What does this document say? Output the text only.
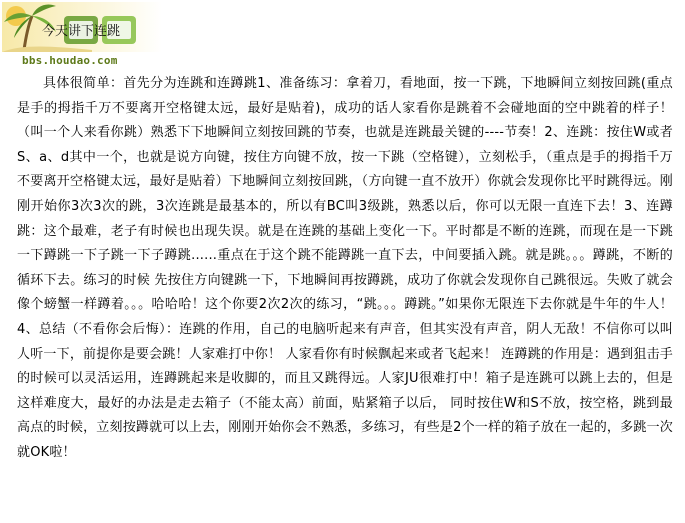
今天讲下连跳
bbs.houdao.com

具体很简单：首先分为连跳和连蹲跳1、准备练习：拿着刀，看地面，按一下跳，下地瞬间立刻按回跳(重点是手的拇指千万不要离开空格键太远，最好是贴着)，成功的话人家看你是跳着不会碰地面的空中跳着的样子！（叫一个人来看你跳）熟悉下下地瞬间立刻按回跳的节奏，也就是连跳最关键的----节奏！2、连跳：按住W或者S、a、d其中一个，也就是说方向键，按住方向键不放，按一下跳（空格键），立刻松手，（重点是手的拇指千万不要离开空格键太远，最好是贴着）下地瞬间立刻按回跳，（方向键一直不放开）你就会发现你比平时跳得远。刚刚开始你3次3次的跳，3次连跳是最基本的，所以有BC叫3级跳，熟悉以后，你可以无限一直连下去！3、连蹲跳：这个最难，老子有时候也出现失误。就是在连跳的基础上变化一下。平时都是不断的连跳，而现在是一下跳一下蹲跳一下子跳一下子蹲跳......重点在于这个跳不能蹲跳一直下去，中间要插入跳。就是跳。。。蹲跳，不断的循环下去。练习的时候 先按住方向键跳一下，下地瞬间再按蹲跳，成功了你就会发现你自己跳很远。失败了就会像个螃蟹一样蹲着。。。哈哈哈！这个你要2次2次的练习，“跳。。。蹲跳。”如果你无限连下去你就是牛年的牛人！4、总结（不看你会后悔）：连跳的作用，自己的电脑听起来有声音，但其实没有声音，阴人无敌！不信你可以叫人听一下，前提你是要会跳！人家难打中你！ 人家看你有时候飘起来或者飞起来！ 连蹲跳的作用是：遇到狙击手的时候可以灵活运用，连蹲跳起来是收脚的，而且又跳得远。人家JU很难打中！箱子是连跳可以跳上去的，但是这样难度大，最好的办法是走去箱子（不能太高）前面，贴紧箱子以后， 同时按住W和S不放，按空格，跳到最高点的时候，立刻按蹲就可以上去，刚刚开始你会不熟悉，多练习，有些是2个一样的箱子放在一起的，多跳一次就OK啦！
